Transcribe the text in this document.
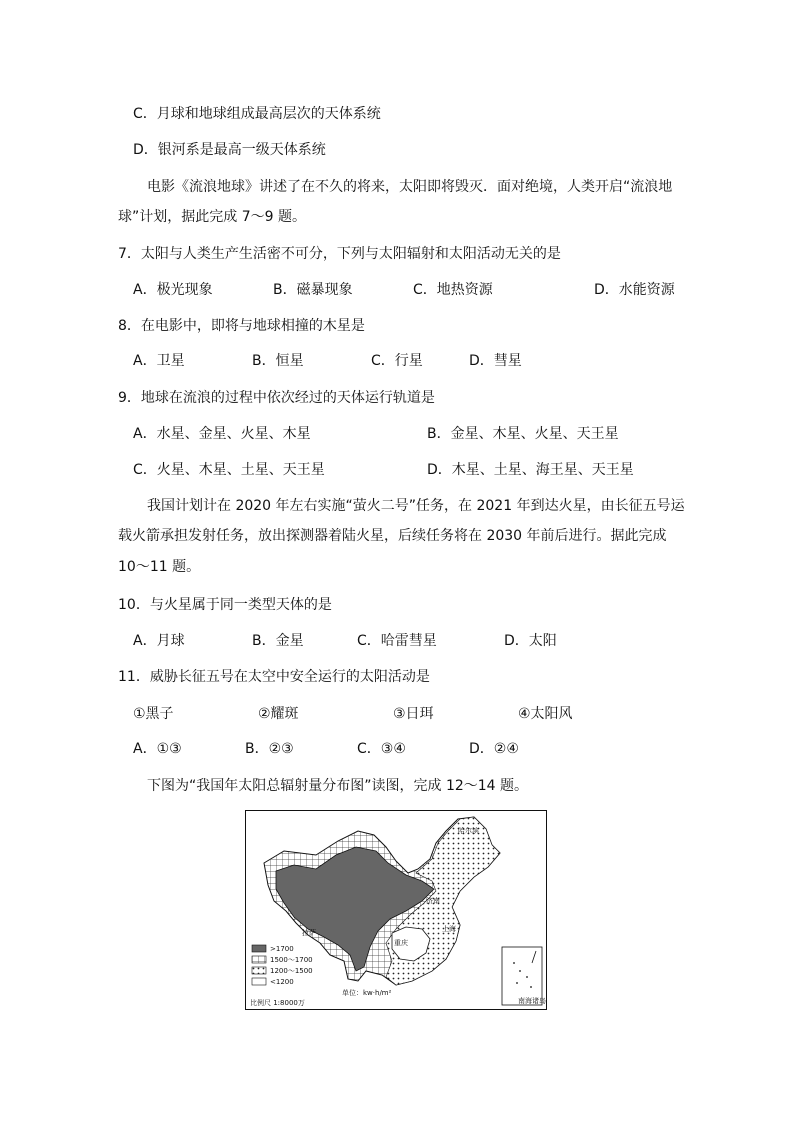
C．月球和地球组成最高层次的天体系统
D．银河系是最高一级天体系统
电影《流浪地球》讲述了在不久的将来，太阳即将毁灭．面对绝境，人类开启“流浪地
球”计划，据此完成 7～9 题。
7．太阳与人类生产生活密不可分，下列与太阳辐射和太阳活动无关的是
A．极光现象	B．磁暴现象	C．地热资源	D．水能资源
8．在电影中，即将与地球相撞的木星是
A．卫星	B．恒星	C．行星	D．彗星
9．地球在流浪的过程中依次经过的天体运行轨道是
A．水星、金星、火星、木星	B．金星、木星、火星、天王星
C．火星、木星、土星、天王星	D．木星、土星、海王星、天王星
我国计划计在 2020 年左右实施“萤火二号”任务，在 2021 年到达火星，由长征五号运
载火箭承担发射任务，放出探测器着陆火星，后续任务将在 2030 年前后进行。据此完成
10～11 题。
10．与火星属于同一类型天体的是
A．月球	B．金星	C．哈雷彗星	D．太阳
11．威胁长征五号在太空中安全运行的太阳活动是
①黑子	②耀斑	③日珥	④太阳风
A．①③	B．②③	C．③④	D．②④
下图为“我国年太阳总辐射量分布图”读图，完成 12～14 题。
>1700
1500～1700
1200～1500
<1200
单位：kw·h/m²
比例尺 1:8000万	南海诸岛
哈尔滨
济南
上海
重庆
拉萨
